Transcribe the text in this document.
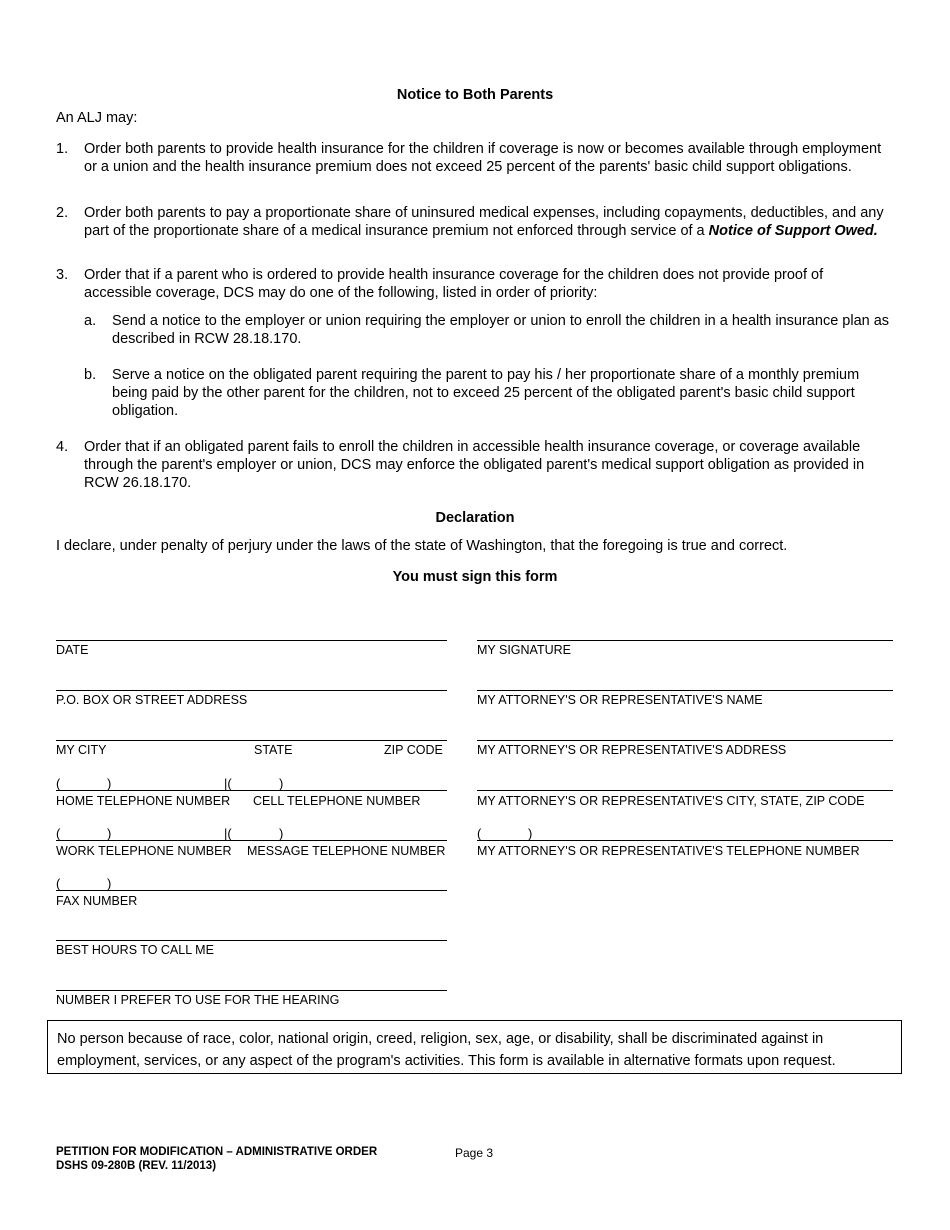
Notice to Both Parents
An ALJ may:
1. Order both parents to provide health insurance for the children if coverage is now or becomes available through employment or a union and the health insurance premium does not exceed 25 percent of the parents' basic child support obligations.
2. Order both parents to pay a proportionate share of uninsured medical expenses, including copayments, deductibles, and any part of the proportionate share of a medical insurance premium not enforced through service of a Notice of Support Owed.
3. Order that if a parent who is ordered to provide health insurance coverage for the children does not provide proof of accessible coverage, DCS may do one of the following, listed in order of priority:
a. Send a notice to the employer or union requiring the employer or union to enroll the children in a health insurance plan as described in RCW 28.18.170.
b. Serve a notice on the obligated parent requiring the parent to pay his / her proportionate share of a monthly premium being paid by the other parent for the children, not to exceed 25 percent of the obligated parent's basic child support obligation.
4. Order that if an obligated parent fails to enroll the children in accessible health insurance coverage, or coverage available through the parent's employer or union, DCS may enforce the obligated parent's medical support obligation as provided in RCW 26.18.170.
Declaration
I declare, under penalty of perjury under the laws of the state of Washington, that the foregoing is true and correct.
You must sign this form
DATE
P.O. BOX OR STREET ADDRESS
MY CITY	STATE	ZIP CODE
(	)	|(	)
HOME TELEPHONE NUMBER CELL TELEPHONE NUMBER
(	)	|(	)
WORK TELEPHONE NUMBER MESSAGE TELEPHONE NUMBER
(	)
FAX NUMBER
BEST HOURS TO CALL ME
NUMBER I PREFER TO USE FOR THE HEARING
MY SIGNATURE
MY ATTORNEY'S OR REPRESENTATIVE'S NAME
MY ATTORNEY'S OR REPRESENTATIVE'S ADDRESS
MY ATTORNEY'S OR REPRESENTATIVE'S CITY, STATE, ZIP CODE
(	)
MY ATTORNEY'S OR REPRESENTATIVE'S TELEPHONE NUMBER
No person because of race, color, national origin, creed, religion, sex, age, or disability, shall be discriminated against in employment, services, or any aspect of the program's activities. This form is available in alternative formats upon request.
PETITION FOR MODIFICATION – ADMINISTRATIVE ORDER
DSHS 09-280B (REV. 11/2013)
Page 3
